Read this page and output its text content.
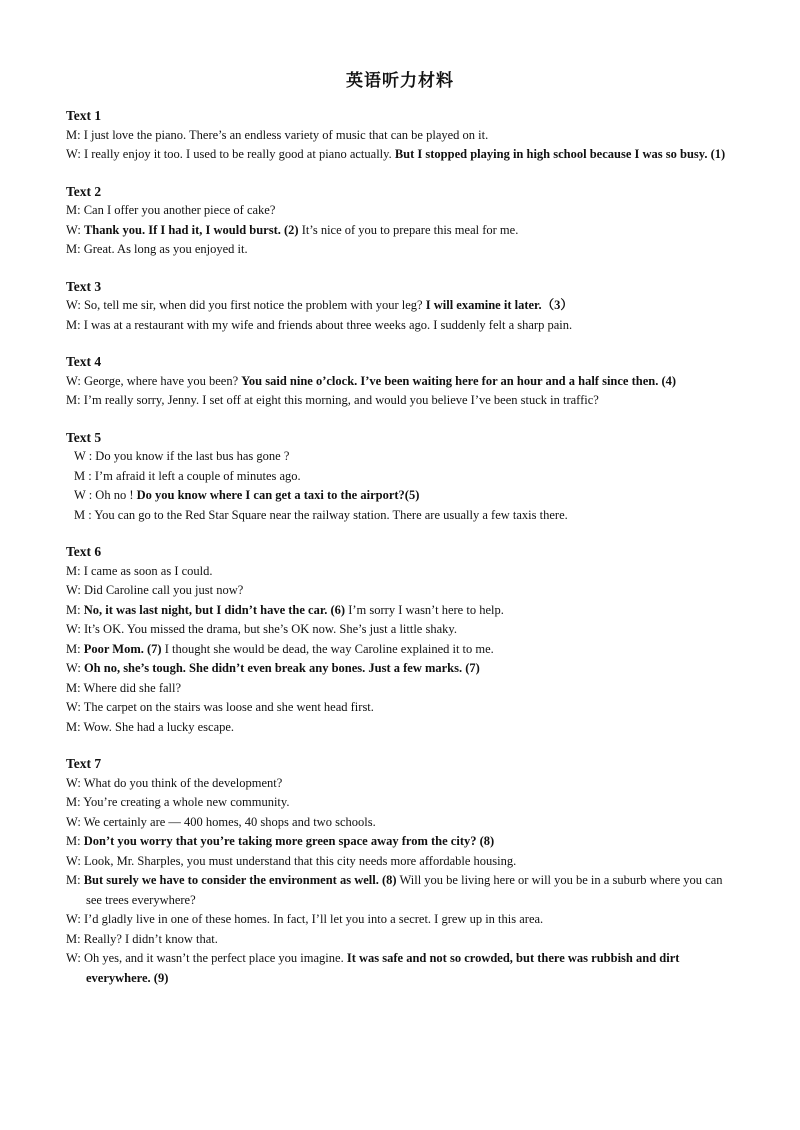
英语听力材料
Text 1
M: I just love the piano. There’s an endless variety of music that can be played on it.
W: I really enjoy it too. I used to be really good at piano actually. But I stopped playing in high school because I was so busy. (1)
Text 2
M: Can I offer you another piece of cake?
W: Thank you. If I had it, I would burst. (2) It’s nice of you to prepare this meal for me.
M: Great. As long as you enjoyed it.
Text 3
W: So, tell me sir, when did you first notice the problem with your leg? I will examine it later.（3）
M: I was at a restaurant with my wife and friends about three weeks ago. I suddenly felt a sharp pain.
Text 4
W: George, where have you been? You said nine o’clock. I’ve been waiting here for an hour and a half since then. (4)
M: I’m really sorry, Jenny. I set off at eight this morning, and would you believe I’ve been stuck in traffic?
Text 5
W : Do you know if the last bus has gone ?
M : I’m afraid it left a couple of minutes ago.
W : Oh no ! Do you know where I can get a taxi to the airport?(5)
M : You can go to the Red Star Square near the railway station. There are usually a few taxis there.
Text 6
M: I came as soon as I could.
W: Did Caroline call you just now?
M: No, it was last night, but I didn’t have the car. (6) I’m sorry I wasn’t here to help.
W: It’s OK. You missed the drama, but she’s OK now. She’s just a little shaky.
M: Poor Mom. (7) I thought she would be dead, the way Caroline explained it to me.
W: Oh no, she’s tough. She didn’t even break any bones. Just a few marks. (7)
M: Where did she fall?
W: The carpet on the stairs was loose and she went head first.
M: Wow. She had a lucky escape.
Text 7
W: What do you think of the development?
M: You’re creating a whole new community.
W: We certainly are — 400 homes, 40 shops and two schools.
M: Don’t you worry that you’re taking more green space away from the city? (8)
W: Look, Mr. Sharples, you must understand that this city needs more affordable housing.
M: But surely we have to consider the environment as well. (8) Will you be living here or will you be in a suburb where you can see trees everywhere?
W: I’d gladly live in one of these homes. In fact, I’ll let you into a secret. I grew up in this area.
M: Really? I didn’t know that.
W: Oh yes, and it wasn’t the perfect place you imagine. It was safe and not so crowded, but there was rubbish and dirt everywhere. (9)
